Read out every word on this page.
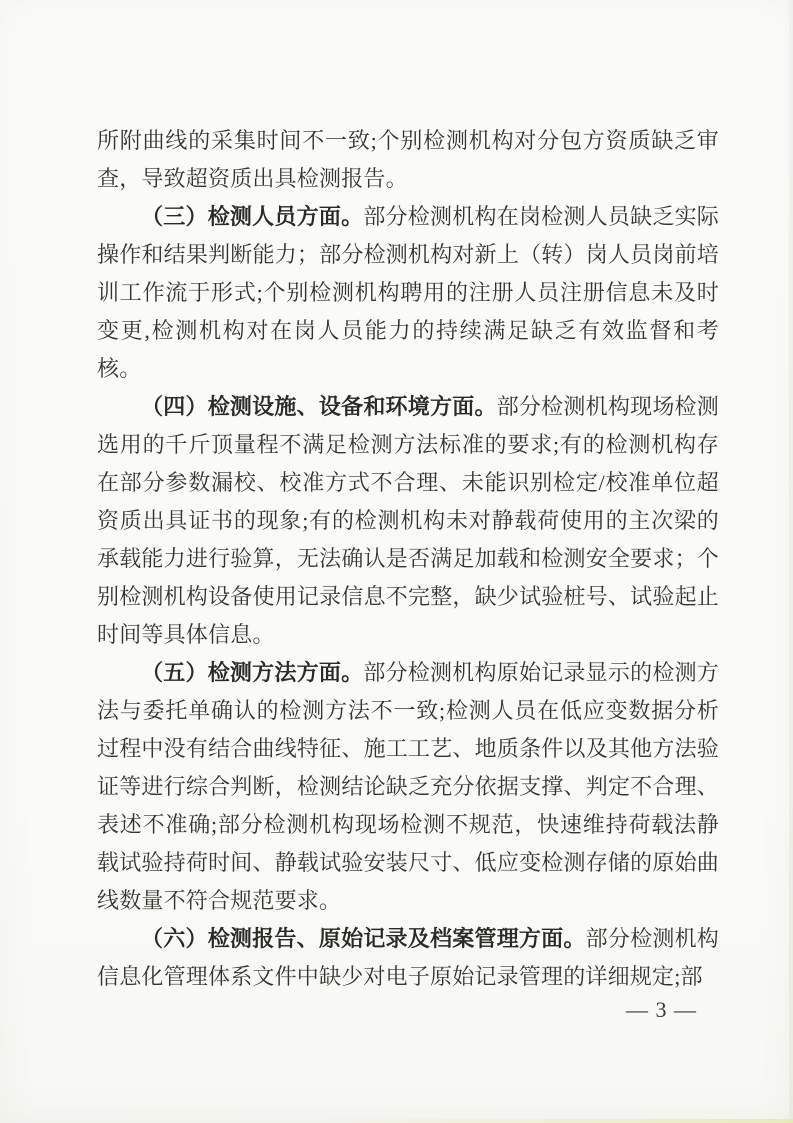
所附曲线的采集时间不一致;个别检测机构对分包方资质缺乏审查，导致超资质出具检测报告。

（三）检测人员方面。部分检测机构在岗检测人员缺乏实际操作和结果判断能力；部分检测机构对新上（转）岗人员岗前培训工作流于形式;个别检测机构聘用的注册人员注册信息未及时变更,检测机构对在岗人员能力的持续满足缺乏有效监督和考核。

（四）检测设施、设备和环境方面。部分检测机构现场检测选用的千斤顶量程不满足检测方法标准的要求;有的检测机构存在部分参数漏校、校准方式不合理、未能识别检定/校准单位超资质出具证书的现象;有的检测机构未对静载荷使用的主次梁的承载能力进行验算，无法确认是否满足加载和检测安全要求；个别检测机构设备使用记录信息不完整，缺少试验桩号、试验起止时间等具体信息。

（五）检测方法方面。部分检测机构原始记录显示的检测方法与委托单确认的检测方法不一致;检测人员在低应变数据分析过程中没有结合曲线特征、施工工艺、地质条件以及其他方法验证等进行综合判断，检测结论缺乏充分依据支撑、判定不合理、表述不准确;部分检测机构现场检测不规范，快速维持荷载法静载试验持荷时间、静载试验安装尺寸、低应变检测存储的原始曲线数量不符合规范要求。

（六）检测报告、原始记录及档案管理方面。部分检测机构信息化管理体系文件中缺少对电子原始记录管理的详细规定;部

— 3 —
